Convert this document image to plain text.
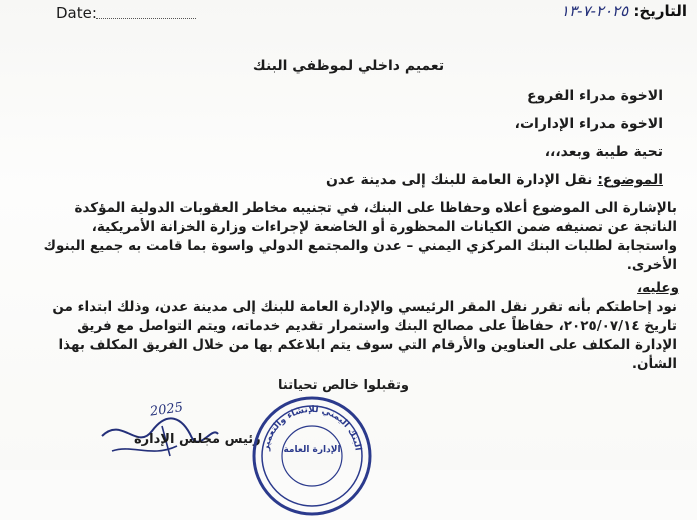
Date:	التاريخ: ٢٠٢٥-٧-١٣
تعميم داخلي لموظفي البنك
الاخوة مدراء الفروع
الاخوة مدراء الإدارات،
تحية طيبة وبعد،،،
الموضوع: نقل الإدارة العامة للبنك إلى مدينة عدن
بالإشارة الى الموضوع أعلاه وحفاظا على البنك، في تجنيبه مخاطر العقوبات الدولية المؤكدة
الناتجة عن تصنيفه ضمن الكيانات المحظورة أو الخاضعة لإجراءات وزارة الخزانة الأمريكية،
واستجابة لطلبات البنك المركزي اليمني – عدن والمجتمع الدولي واسوة بما قامت به جميع البنوك
الأخرى.
وعليه،
نود إحاطتكم بأنه تقرر نقل المقر الرئيسي والإدارة العامة للبنك إلى مدينة عدن، وذلك ابتداء من
تاريخ ٢٠٢٥/٠٧/١٤، حفاظاً على مصالح البنك واستمرار تقديم خدماته، ويتم التواصل مع فريق
الإدارة المكلف على العناوين والأرقام التي سوف يتم ابلاغكم بها من خلال الفريق المكلف بهذا
الشأن.
وتقبلوا خالص تحياتنا
2025
رئيس مجلس الإدارة
البنك اليمني للإنشاء والتعمير
الإدارة العامة
